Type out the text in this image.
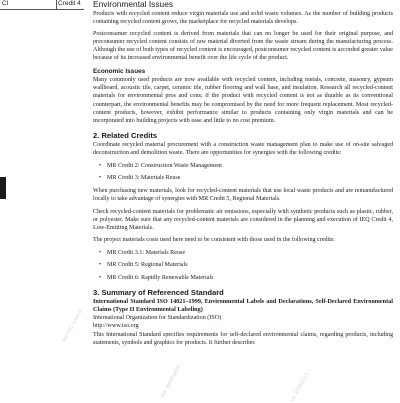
CI	Credit 4
file:///C:/Users/...
For distribution...	on 3/28/2011...
Environmental Issues

Products with recycled content reduce virgin materials use and solid waste volumes. As the number of building products containing recycled content grows, the marketplace for recycled materials develops.

Postconsumer recycled content is derived from materials that can no longer be used for their original purpose, and preconsumer recycled content consists of raw material diverted from the waste stream during the manufacturing process. Although the use of both types of recycled content is encouraged, postconsumer recycled content is accorded greater value because of its increased environmental benefit over the life cycle of the product.

Economic Issues

Many commonly used products are now available with recycled content, including metals, concrete, masonry, gypsum wallboard, acoustic tile, carpet, ceramic tile, rubber flooring and wall base, and insulation. Research all recycled-content materials for environmental pros and cons; if the product with recycled content is not as durable as its conventional counterpart, the environmental benefits may be compromised by the need for more frequent replacement. Most recycled-content products, however, exhibit performance similar to products containing only virgin materials and can be incorporated into building projects with ease and little to no cost premium.

2. Related Credits

Coordinate recycled material procurement with a construction waste management plan to make use of on-site salvaged deconstruction and demolition waste. There are opportunities for synergies with the following credits:

• MR Credit 2: Construction Waste Management
• MR Credit 3: Materials Reuse

When purchasing new materials, look for recycled-content materials that use local waste products and are remanufactured locally to take advantage of synergies with MR Credit 5, Regional Materials.

Check recycled-content materials for problematic air emissions, especially with synthetic products such as plastic, rubber, or polyester. Make sure that any recycled-content materials are considered in the planning and execution of IEQ Credit 4, Low-Emitting Materials.

The project materials costs used here need to be consistent with those used in the following credits:

• MR Credit 3.1: Materials Reuse
• MR Credit 5: Regional Materials
• MR Credit 6: Rapidly Renewable Materials
3. Summary of Referenced Standard
International Standard ISO 14021–1999, Environmental Labels and Declarations, Self-Declared Environmental Claims (Type II Environmental Labeling)
International Organization for Standardization (ISO)
http://www.iso.org

This International Standard specifies requirements for self-declared environmental claims, regarding products, including statements, symbols and graphics for products. It further describes
